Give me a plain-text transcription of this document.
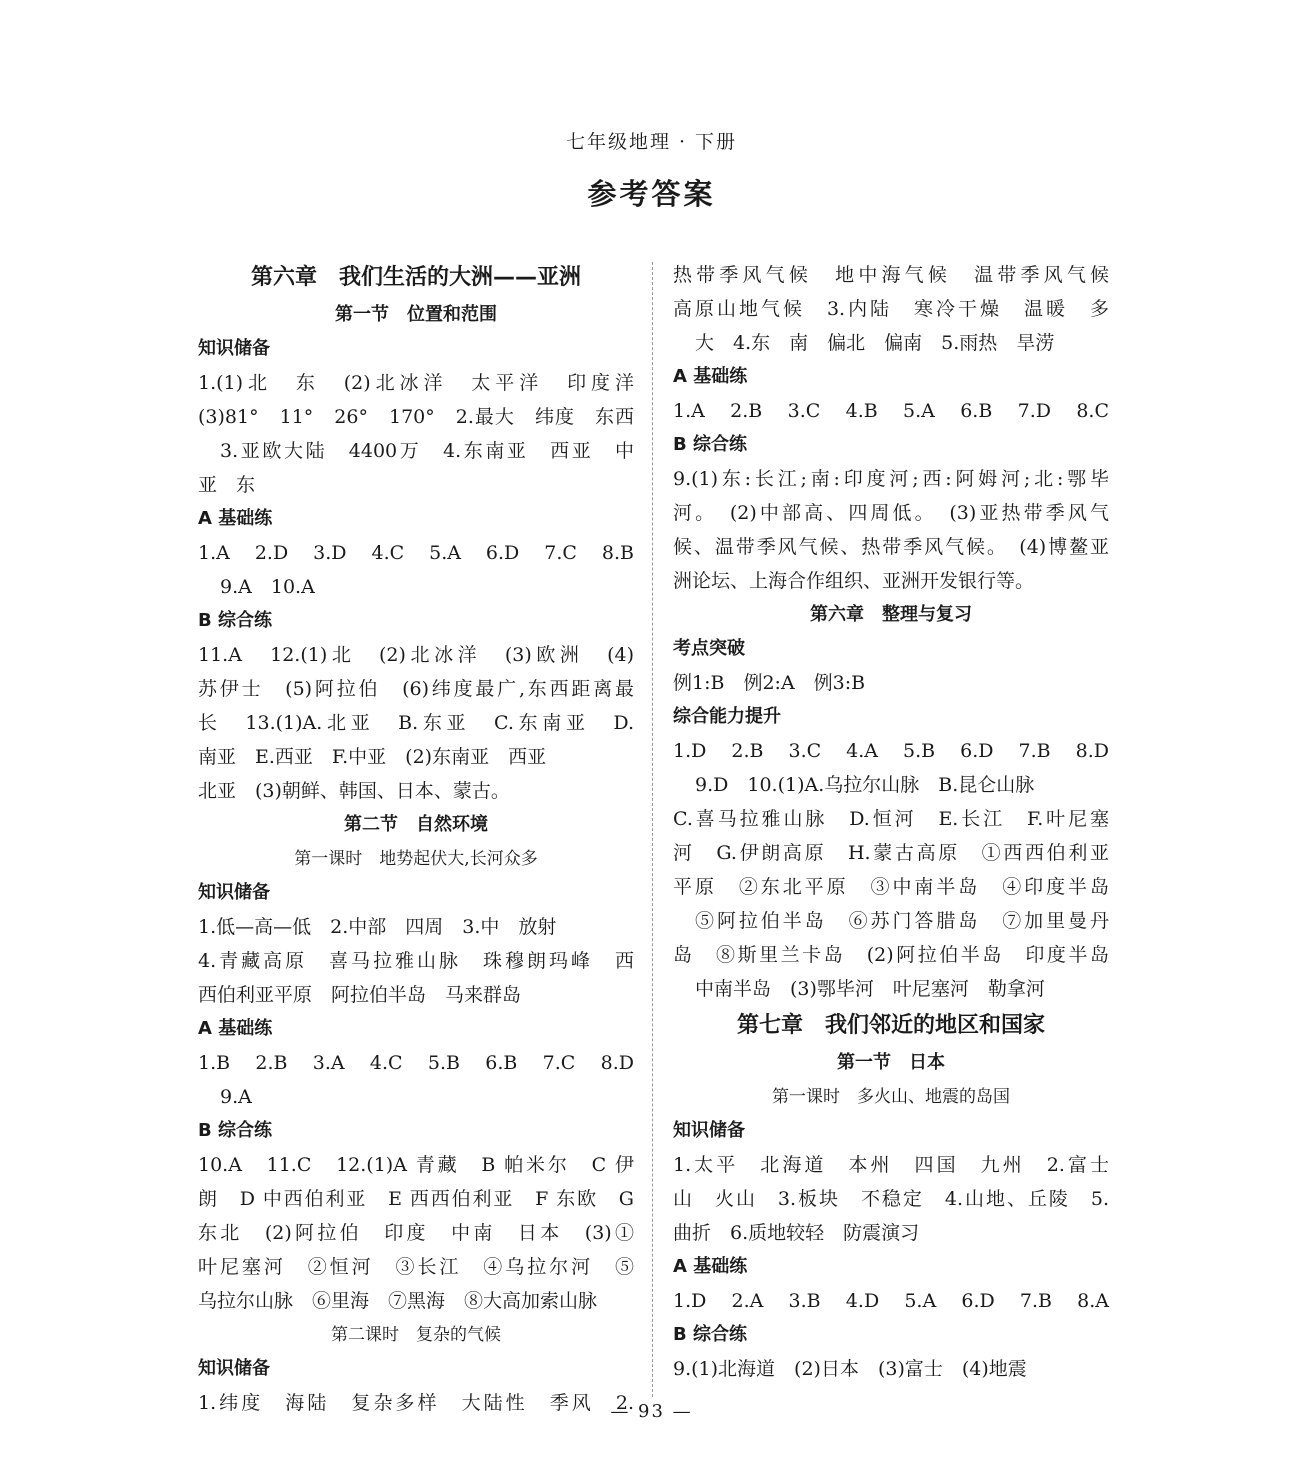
七年级地理 · 下册
参考答案
第六章　我们生活的大洲——亚洲
第一节　位置和范围
知识储备
1.(1)北　东　(2)北冰洋　太平洋　印度洋
(3)81°　11°　26°　170°　2.最大　纬度　东西
3.亚欧大陆　4400万　4.东南亚　西亚　中
亚　东
A 基础练
1.A　2.D　3.D　4.C　5.A　6.D　7.C　8.B
9.A　10.A
B 综合练
11.A　12.(1)北　(2)北冰洋　(3)欧洲　(4)
苏伊士　(5)阿拉伯　(6)纬度最广,东西距离最
长　13.(1)A.北亚　B.东亚　C.东南亚　D.
南亚　E.西亚　F.中亚　(2)东南亚　西亚
北亚　(3)朝鲜、韩国、日本、蒙古。
第二节　自然环境
第一课时　地势起伏大,长河众多
知识储备
1.低—高—低　2.中部　四周　3.中　放射
4.青藏高原　喜马拉雅山脉　珠穆朗玛峰　西
西伯利亚平原　阿拉伯半岛　马来群岛
A 基础练
1.B　2.B　3.A　4.C　5.B　6.B　7.C　8.D
9.A
B 综合练
10.A　11.C　12.(1)A 青藏　B 帕米尔　C 伊
朗　D 中西伯利亚　E 西西伯利亚　F 东欧　G
东北　(2)阿拉伯　印度　中南　日本　(3)①
叶尼塞河　②恒河　③长江　④乌拉尔河　⑤
乌拉尔山脉　⑥里海　⑦黑海　⑧大高加索山脉
第二课时　复杂的气候
知识储备
1.纬度　海陆　复杂多样　大陆性　季风　2.
热带季风气候　地中海气候　温带季风气候
高原山地气候　3.内陆　寒冷干燥　温暖　多
大　4.东　南　偏北　偏南　5.雨热　旱涝
A 基础练
1.A　2.B　3.C　4.B　5.A　6.B　7.D　8.C
B 综合练
9.(1)东:长江;南:印度河;西:阿姆河;北:鄂毕
河。　(2)中部高、四周低。　(3)亚热带季风气
候、温带季风气候、热带季风气候。　(4)博鳌亚
洲论坛、上海合作组织、亚洲开发银行等。
第六章　整理与复习
考点突破
例1:B　例2:A　例3:B
综合能力提升
1.D　2.B　3.C　4.A　5.B　6.D　7.B　8.D
9.D　10.(1)A.乌拉尔山脉　B.昆仑山脉
C.喜马拉雅山脉　D.恒河　E.长江　F.叶尼塞
河　G.伊朗高原　H.蒙古高原　①西西伯利亚
平原　②东北平原　③中南半岛　④印度半岛
⑤阿拉伯半岛　⑥苏门答腊岛　⑦加里曼丹
岛　⑧斯里兰卡岛　(2)阿拉伯半岛　印度半岛
中南半岛　(3)鄂毕河　叶尼塞河　勒拿河
第七章　我们邻近的地区和国家
第一节　日本
第一课时　多火山、地震的岛国
知识储备
1.太平　北海道　本州　四国　九州　2.富士
山　火山　3.板块　不稳定　4.山地、丘陵　5.
曲折　6.质地较轻　防震演习
A 基础练
1.D　2.A　3.B　4.D　5.A　6.D　7.B　8.A
B 综合练
9.(1)北海道　(2)日本　(3)富士　(4)地震
— 93 —
